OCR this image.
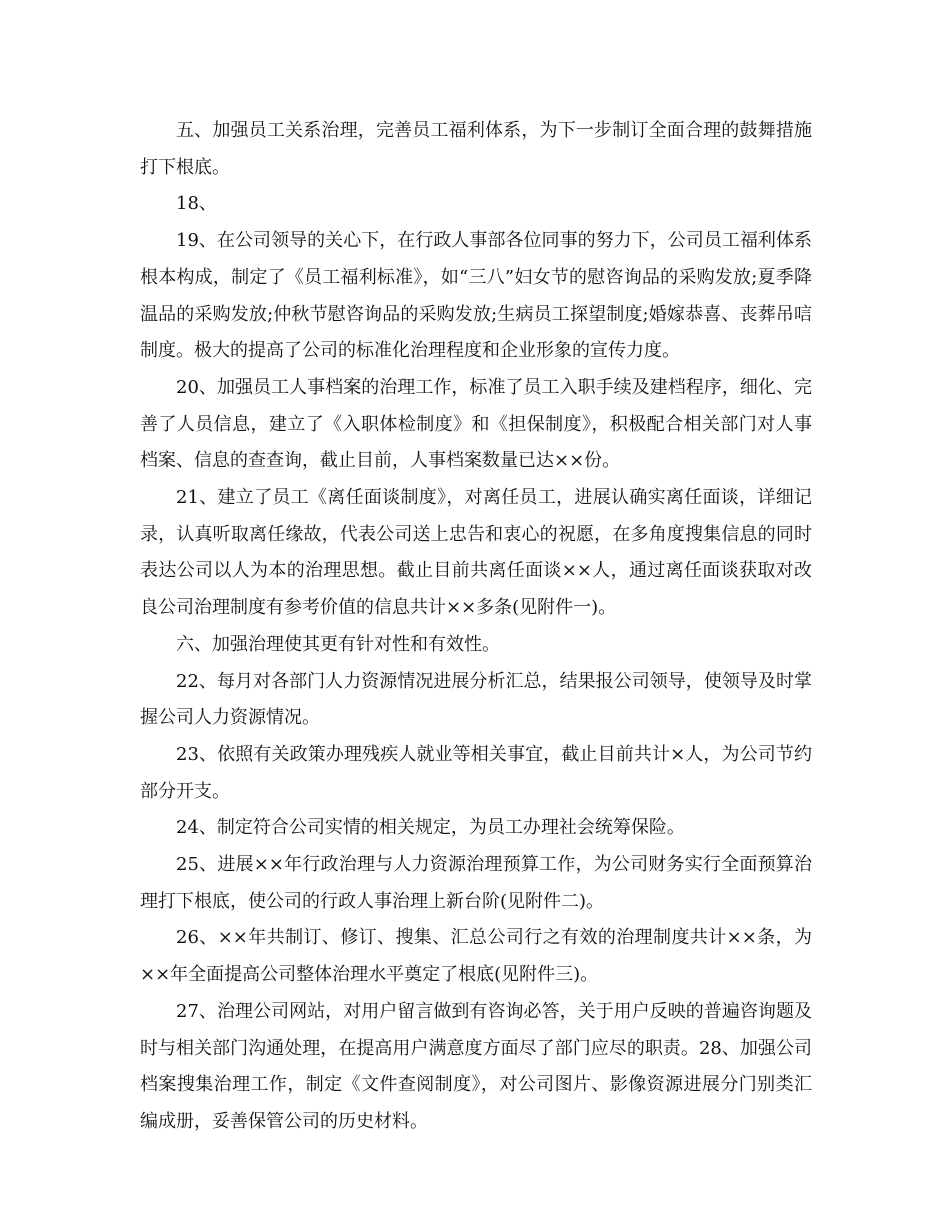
五、加强员工关系治理，完善员工福利体系，为下一步制订全面合理的鼓舞措施打下根底。

18、

19、在公司领导的关心下，在行政人事部各位同事的努力下，公司员工福利体系根本构成，制定了《员工福利标准》，如“三八”妇女节的慰咨询品的采购发放;夏季降温品的采购发放;仲秋节慰咨询品的采购发放;生病员工探望制度;婚嫁恭喜、丧葬吊唁制度。极大的提高了公司的标准化治理程度和企业形象的宣传力度。

20、加强员工人事档案的治理工作，标准了员工入职手续及建档程序，细化、完善了人员信息，建立了《入职体检制度》和《担保制度》，积极配合相关部门对人事档案、信息的查查询，截止目前，人事档案数量已达××份。

21、建立了员工《离任面谈制度》，对离任员工，进展认确实离任面谈，详细记录，认真听取离任缘故，代表公司送上忠告和衷心的祝愿，在多角度搜集信息的同时表达公司以人为本的治理思想。截止目前共离任面谈××人，通过离任面谈获取对改良公司治理制度有参考价值的信息共计××多条(见附件一)。

六、加强治理使其更有针对性和有效性。

22、每月对各部门人力资源情况进展分析汇总，结果报公司领导，使领导及时掌握公司人力资源情况。

23、依照有关政策办理残疾人就业等相关事宜，截止目前共计×人，为公司节约部分开支。

24、制定符合公司实情的相关规定，为员工办理社会统筹保险。

25、进展××年行政治理与人力资源治理预算工作，为公司财务实行全面预算治理打下根底，使公司的行政人事治理上新台阶(见附件二)。

26、××年共制订、修订、搜集、汇总公司行之有效的治理制度共计××条，为××年全面提高公司整体治理水平奠定了根底(见附件三)。

27、治理公司网站，对用户留言做到有咨询必答，关于用户反映的普遍咨询题及时与相关部门沟通处理，在提高用户满意度方面尽了部门应尽的职责。28、加强公司档案搜集治理工作，制定《文件查阅制度》，对公司图片、影像资源进展分门别类汇编成册，妥善保管公司的历史材料。
